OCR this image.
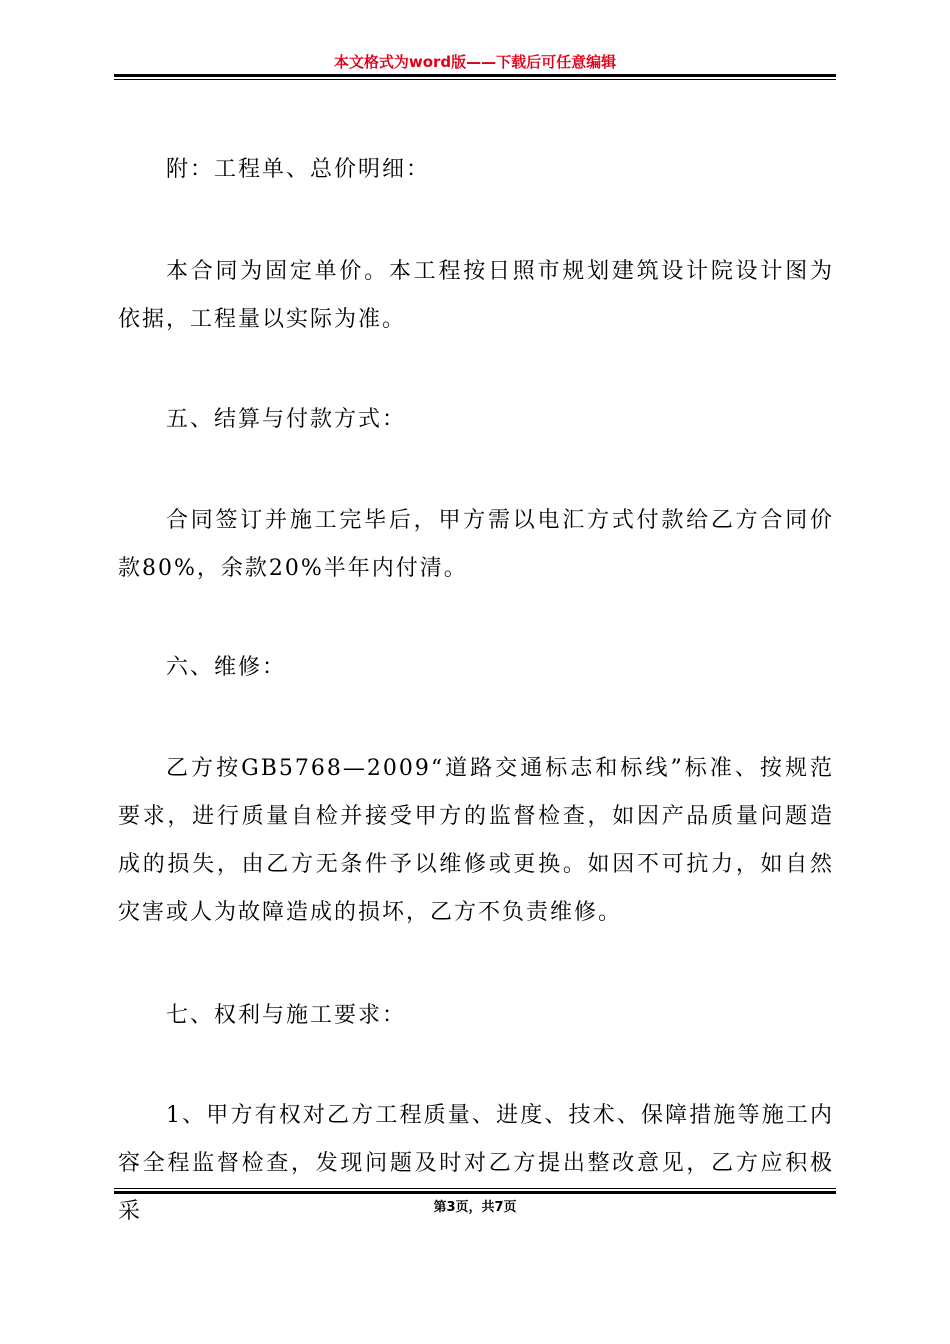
本文格式为word版——下载后可任意编辑

附：工程单、总价明细：

本合同为固定单价。本工程按日照市规划建筑设计院设计图为依据，工程量以实际为准。

五、结算与付款方式：

合同签订并施工完毕后，甲方需以电汇方式付款给乙方合同价款80%，余款20%半年内付清。

六、维修：

乙方按GB5768—2009“道路交通标志和标线”标准、按规范要求，进行质量自检并接受甲方的监督检查，如因产品质量问题造成的损失，由乙方无条件予以维修或更换。如因不可抗力，如自然灾害或人为故障造成的损坏，乙方不负责维修。

七、权利与施工要求：

1、甲方有权对乙方工程质量、进度、技术、保障措施等施工内容全程监督检查，发现问题及时对乙方提出整改意见，乙方应积极采	第3页，共7页
